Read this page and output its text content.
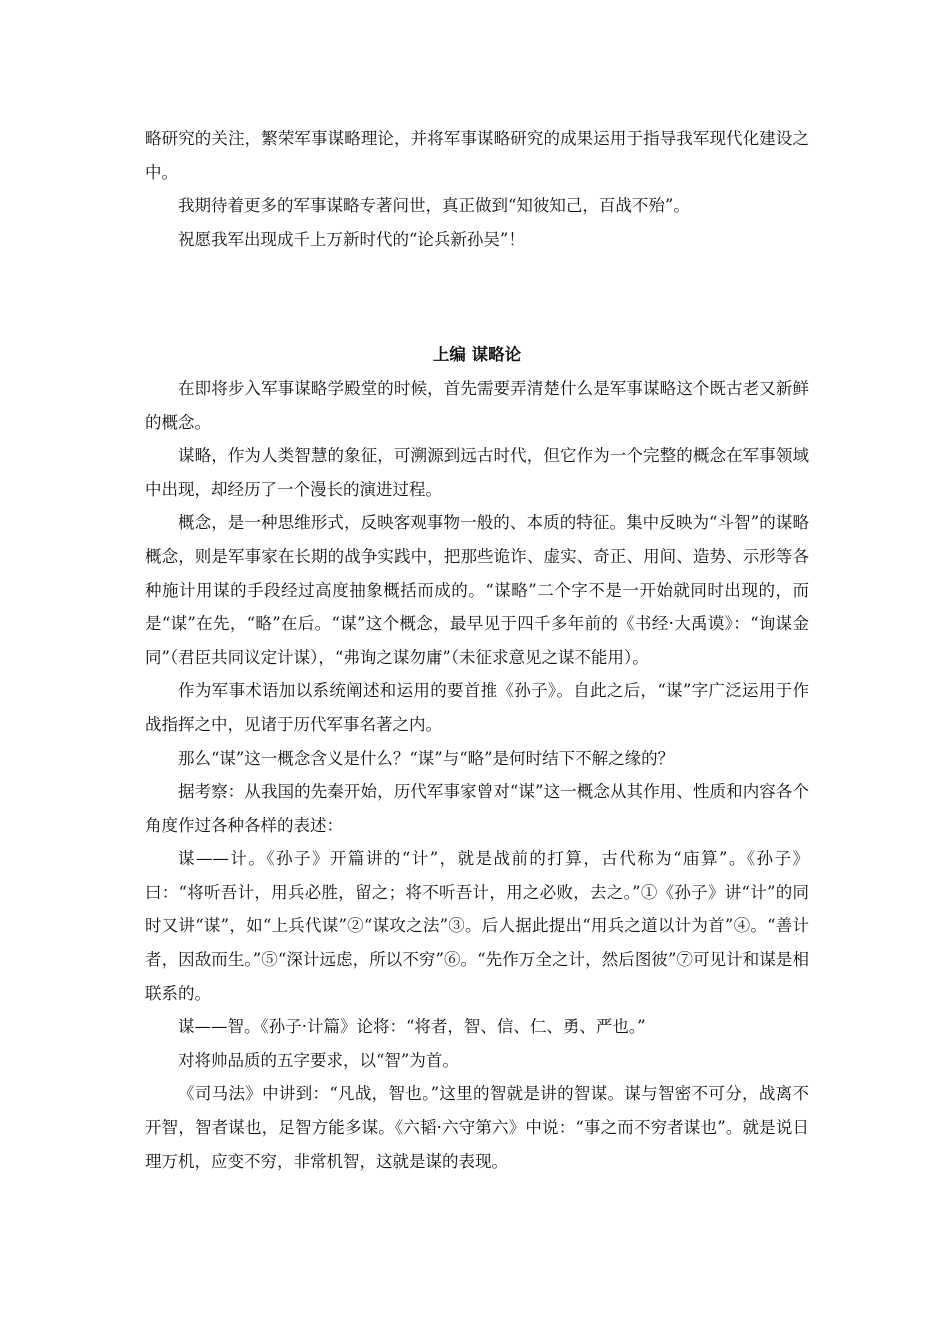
略研究的关注，繁荣军事谋略理论，并将军事谋略研究的成果运用于指导我军现代化建设之中。

我期待着更多的军事谋略专著问世，真正做到“知彼知己，百战不殆”。

祝愿我军出现成千上万新时代的“论兵新孙吴”！

上编 谋略论

在即将步入军事谋略学殿堂的时候，首先需要弄清楚什么是军事谋略这个既古老又新鲜的概念。

谋略，作为人类智慧的象征，可溯源到远古时代，但它作为一个完整的概念在军事领域中出现，却经历了一个漫长的演进过程。

概念，是一种思维形式，反映客观事物一般的、本质的特征。集中反映为“斗智”的谋略概念，则是军事家在长期的战争实践中，把那些诡诈、虚实、奇正、用间、造势、示形等各种施计用谋的手段经过高度抽象概括而成的。“谋略”二个字不是一开始就同时出现的，而是“谋”在先，“略”在后。“谋”这个概念，最早见于四千多年前的《书经·大禹谟》：“询谋金同”（君臣共同议定计谋），“弗询之谋勿庸”（未征求意见之谋不能用）。

作为军事术语加以系统阐述和运用的要首推《孙子》。自此之后，“谋”字广泛运用于作战指挥之中，见诸于历代军事名著之内。

那么“谋”这一概念含义是什么？“谋”与“略”是何时结下不解之缘的？

据考察：从我国的先秦开始，历代军事家曾对“谋”这一概念从其作用、性质和内容各个角度作过各种各样的表述：

谋——计。《孙子》开篇讲的“计”，就是战前的打算，古代称为“庙算”。《孙子》曰：“将听吾计，用兵必胜，留之；将不听吾计，用之必败，去之。”①《孙子》讲“计”的同时又讲“谋”，如“上兵代谋”②“谋攻之法”③。后人据此提出“用兵之道以计为首”④。“善计者，因敌而生。”⑤“深计远虑，所以不穷”⑥。“先作万全之计，然后图彼”⑦可见计和谋是相联系的。

谋——智。《孙子·计篇》论将：“将者，智、信、仁、勇、严也。”

对将帅品质的五字要求，以“智”为首。

《司马法》中讲到：“凡战，智也。”这里的智就是讲的智谋。谋与智密不可分，战离不开智，智者谋也，足智方能多谋。《六韬·六守第六》中说：“事之而不穷者谋也”。就是说日理万机，应变不穷，非常机智，这就是谋的表现。
